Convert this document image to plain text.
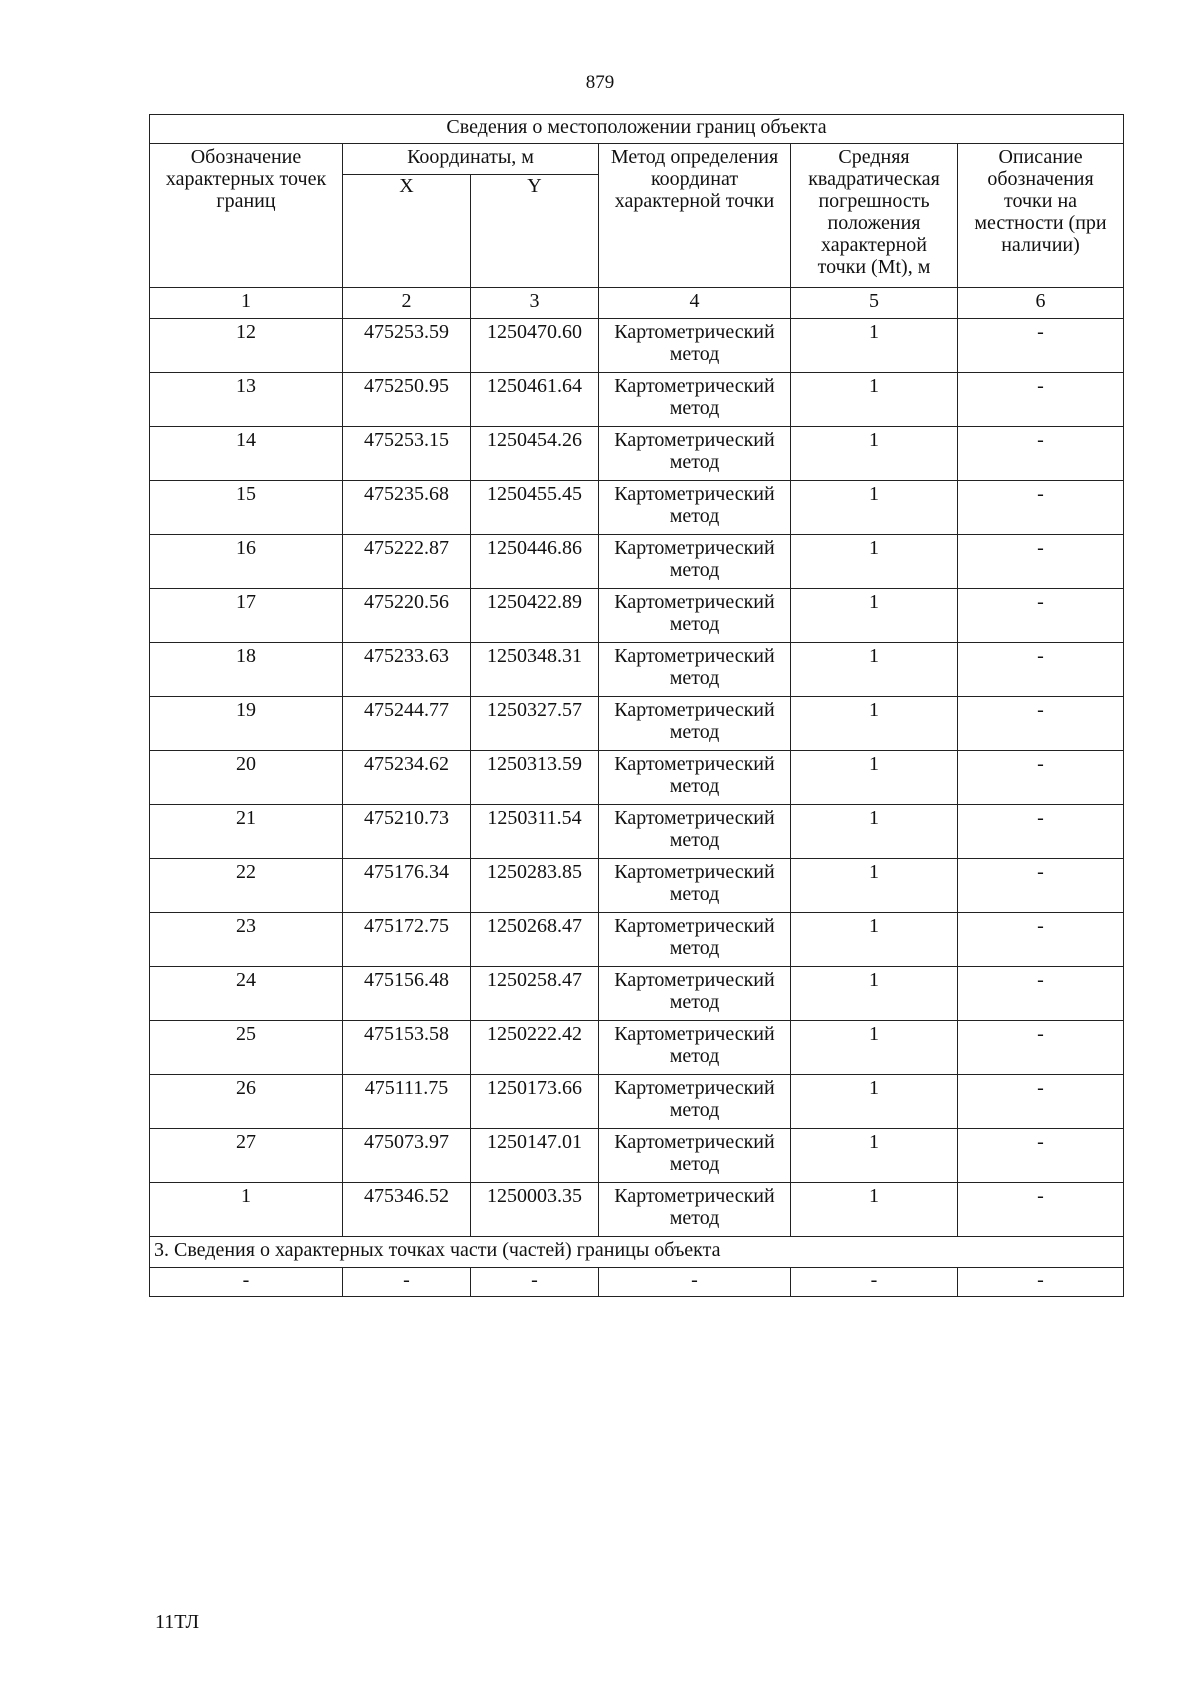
879
Сведения о местоположении границ объекта					
Обозначение характерных точек границ	Координаты, м		Метод определения координат характерной точки	Средняя квадратическая погрешность положения характерной точки (Mt), м	Описание обозначения точки на местности (при наличии)
	X	Y			
1	2	3	4	5	6
12	475253.59	1250470.60	Картометрический метод	1	-
13	475250.95	1250461.64	Картометрический метод	1	-
14	475253.15	1250454.26	Картометрический метод	1	-
15	475235.68	1250455.45	Картометрический метод	1	-
16	475222.87	1250446.86	Картометрический метод	1	-
17	475220.56	1250422.89	Картометрический метод	1	-
18	475233.63	1250348.31	Картометрический метод	1	-
19	475244.77	1250327.57	Картометрический метод	1	-
20	475234.62	1250313.59	Картометрический метод	1	-
21	475210.73	1250311.54	Картометрический метод	1	-
22	475176.34	1250283.85	Картометрический метод	1	-
23	475172.75	1250268.47	Картометрический метод	1	-
24	475156.48	1250258.47	Картометрический метод	1	-
25	475153.58	1250222.42	Картометрический метод	1	-
26	475111.75	1250173.66	Картометрический метод	1	-
27	475073.97	1250147.01	Картометрический метод	1	-
1	475346.52	1250003.35	Картометрический метод	1	-
3. Сведения о характерных точках части (частей) границы объекта					
-	-	-	-	-	-
11ТЛ
